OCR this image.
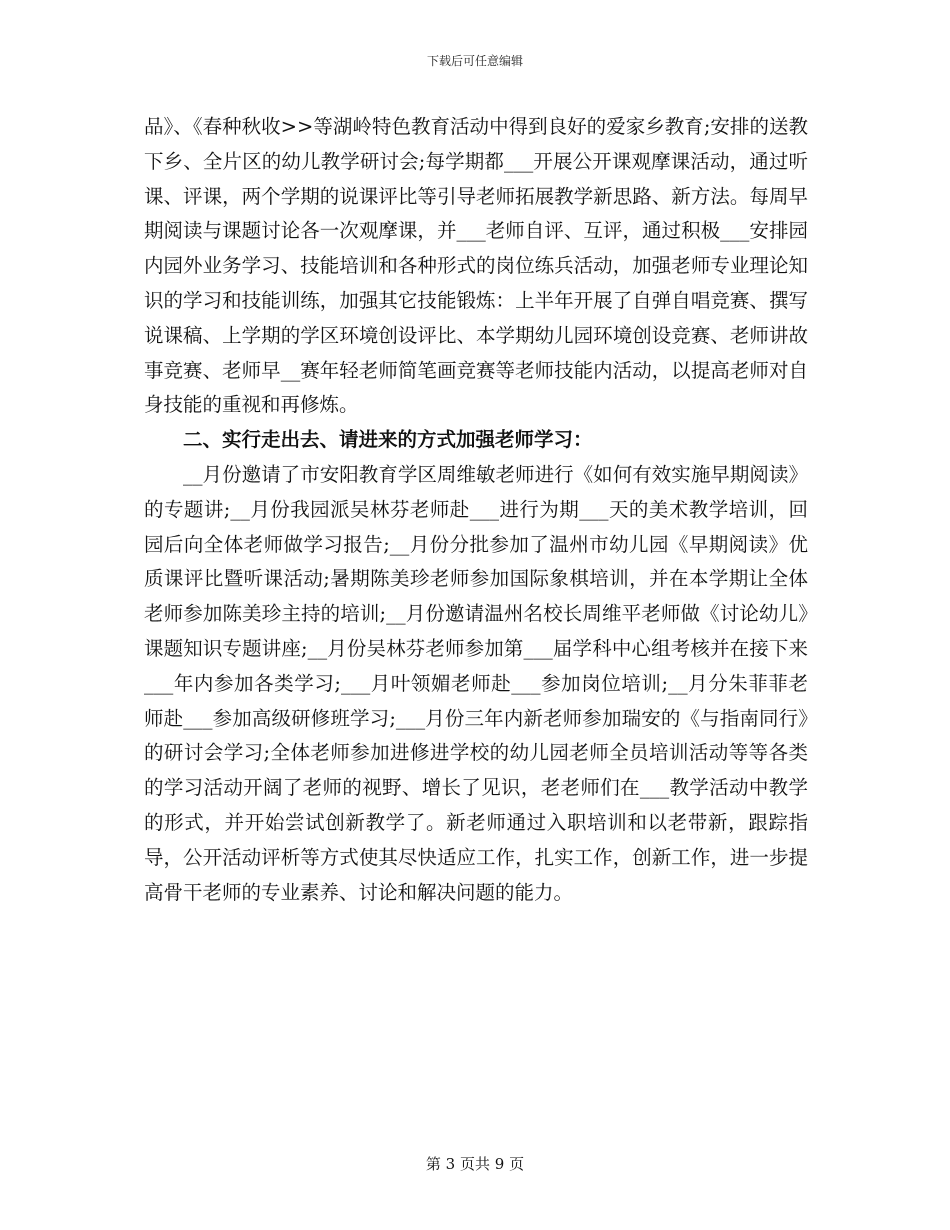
下载后可任意编辑

品》、《春种秋收>>等湖岭特色教育活动中得到良好的爱家乡教育;安排的送教下乡、全片区的幼儿教学研讨会;每学期都___开展公开课观摩课活动，通过听课、评课，两个学期的说课评比等引导老师拓展教学新思路、新方法。每周早期阅读与课题讨论各一次观摩课，并___老师自评、互评，通过积极___安排园内园外业务学习、技能培训和各种形式的岗位练兵活动，加强老师专业理论知识的学习和技能训练，加强其它技能锻炼：上半年开展了自弹自唱竞赛、撰写说课稿、上学期的学区环境创设评比、本学期幼儿园环境创设竞赛、老师讲故事竞赛、老师早__赛年轻老师简笔画竞赛等老师技能内活动，以提高老师对自身技能的重视和再修炼。

二、实行走出去、请进来的方式加强老师学习：

__月份邀请了市安阳教育学区周维敏老师进行《如何有效实施早期阅读》的专题讲;__月份我园派吴林芬老师赴___进行为期___天的美术教学培训，回园后向全体老师做学习报告;__月份分批参加了温州市幼儿园《早期阅读》优质课评比暨听课活动;暑期陈美珍老师参加国际象棋培训，并在本学期让全体老师参加陈美珍主持的培训;__月份邀请温州名校长周维平老师做《讨论幼儿》课题知识专题讲座;__月份吴林芬老师参加第___届学科中心组考核并在接下来___年内参加各类学习;___月叶领媚老师赴___参加岗位培训;__月分朱菲菲老师赴___参加高级研修班学习;___月份三年内新老师参加瑞安的《与指南同行》的研讨会学习;全体老师参加进修进学校的幼儿园老师全员培训活动等等各类的学习活动开阔了老师的视野、增长了见识，老老师们在___教学活动中教学的形式，并开始尝试创新教学了。新老师通过入职培训和以老带新，跟踪指导，公开活动评析等方式使其尽快适应工作，扎实工作，创新工作，进一步提高骨干老师的专业素养、讨论和解决问题的能力。

第 3 页共 9 页
